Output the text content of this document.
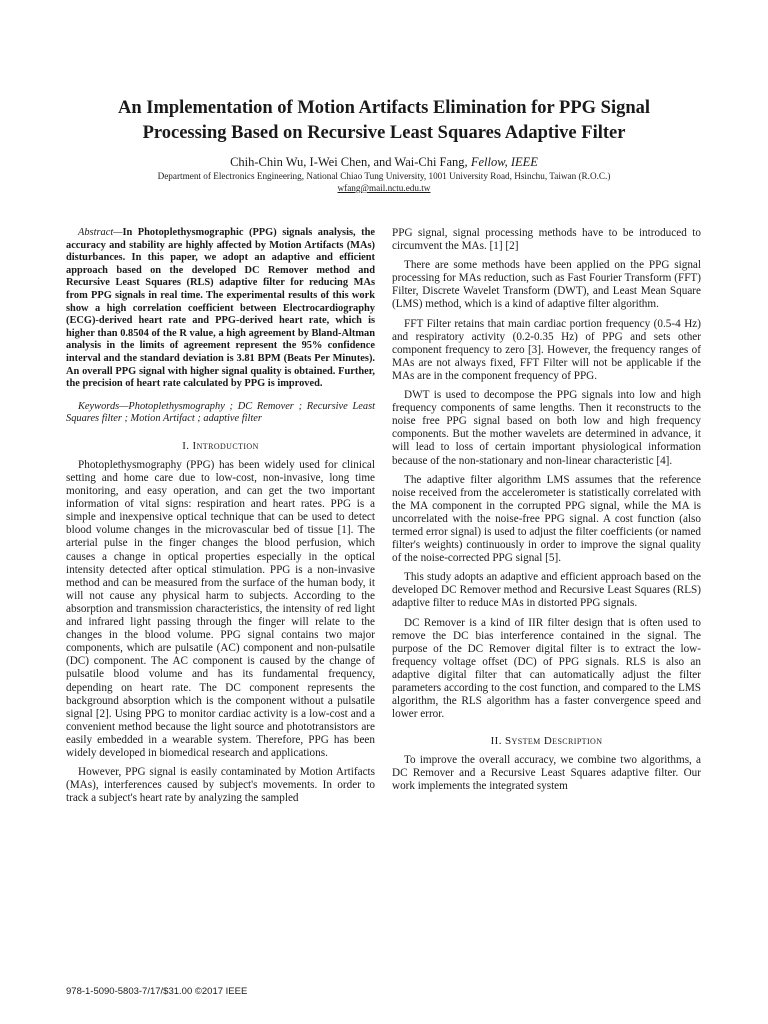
An Implementation of Motion Artifacts Elimination for PPG Signal
Processing Based on Recursive Least Squares Adaptive Filter
Chih-Chin Wu, I-Wei Chen, and Wai-Chi Fang, Fellow, IEEE
Department of Electronics Engineering, National Chiao Tung University, 1001 University Road, Hsinchu, Taiwan (R.O.C.)
wfang@mail.nctu.edu.tw

Abstract—In Photoplethysmographic (PPG) signals analysis, the accuracy and stability are highly affected by Motion Artifacts (MAs) disturbances. In this paper, we adopt an adaptive and efficient approach based on the developed DC Remover method and Recursive Least Squares (RLS) adaptive filter for reducing MAs from PPG signals in real time. The experimental results of this work show a high correlation coefficient between Electrocardiography (ECG)-derived heart rate and PPG-derived heart rate, which is higher than 0.8504 of the R value, a high agreement by Bland-Altman analysis in the limits of agreement represent the 95% confidence interval and the standard deviation is 3.81 BPM (Beats Per Minutes). An overall PPG signal with higher signal quality is obtained. Further, the precision of heart rate calculated by PPG is improved.

Keywords—Photoplethysmography ; DC Remover ; Recursive Least Squares filter ; Motion Artifact ; adaptive filter

I. Introduction

Photoplethysmography (PPG) has been widely used for clinical setting and home care due to low-cost, non-invasive, long time monitoring, and easy operation, and can get the two important information of vital signs: respiration and heart rates. PPG is a simple and inexpensive optical technique that can be used to detect blood volume changes in the microvascular bed of tissue [1]. The arterial pulse in the finger changes the blood perfusion, which causes a change in optical properties especially in the optical intensity detected after optical stimulation. PPG is a non-invasive method and can be measured from the surface of the human body, it will not cause any physical harm to subjects. According to the absorption and transmission characteristics, the intensity of red light and infrared light passing through the finger will relate to the changes in the blood volume. PPG signal contains two major components, which are pulsatile (AC) component and non-pulsatile (DC) component. The AC component is caused by the change of pulsatile blood volume and has its fundamental frequency, depending on heart rate. The DC component represents the background absorption which is the component without a pulsatile signal [2]. Using PPG to monitor cardiac activity is a low-cost and a convenient method because the light source and phototransistors are easily embedded in a wearable system. Therefore, PPG has been widely developed in biomedical research and applications.

However, PPG signal is easily contaminated by Motion Artifacts (MAs), interferences caused by subject's movements. In order to track a subject's heart rate by analyzing the sampled

PPG signal, signal processing methods have to be introduced to circumvent the MAs. [1] [2]

There are some methods have been applied on the PPG signal processing for MAs reduction, such as Fast Fourier Transform (FFT) Filter, Discrete Wavelet Transform (DWT), and Least Mean Square (LMS) method, which is a kind of adaptive filter algorithm.

FFT Filter retains that main cardiac portion frequency (0.5-4 Hz) and respiratory activity (0.2-0.35 Hz) of PPG and sets other component frequency to zero [3]. However, the frequency ranges of MAs are not always fixed, FFT Filter will not be applicable if the MAs are in the component frequency of PPG.

DWT is used to decompose the PPG signals into low and high frequency components of same lengths. Then it reconstructs to the noise free PPG signal based on both low and high frequency components. But the mother wavelets are determined in advance, it will lead to loss of certain important physiological information because of the non-stationary and non-linear characteristic [4].

The adaptive filter algorithm LMS assumes that the reference noise received from the accelerometer is statistically correlated with the MA component in the corrupted PPG signal, while the MA is uncorrelated with the noise-free PPG signal. A cost function (also termed error signal) is used to adjust the filter coefficients (or named filter's weights) continuously in order to improve the signal quality of the noise-corrected PPG signal [5].

This study adopts an adaptive and efficient approach based on the developed DC Remover method and Recursive Least Squares (RLS) adaptive filter to reduce MAs in distorted PPG signals.

DC Remover is a kind of IIR filter design that is often used to remove the DC bias interference contained in the signal. The purpose of the DC Remover digital filter is to extract the low-frequency voltage offset (DC) of PPG signals. RLS is also an adaptive digital filter that can automatically adjust the filter parameters according to the cost function, and compared to the LMS algorithm, the RLS algorithm has a faster convergence speed and lower error.

II. System Description

To improve the overall accuracy, we combine two algorithms, a DC Remover and a Recursive Least Squares adaptive filter. Our work implements the integrated system

978-1-5090-5803-7/17/$31.00 ©2017 IEEE
